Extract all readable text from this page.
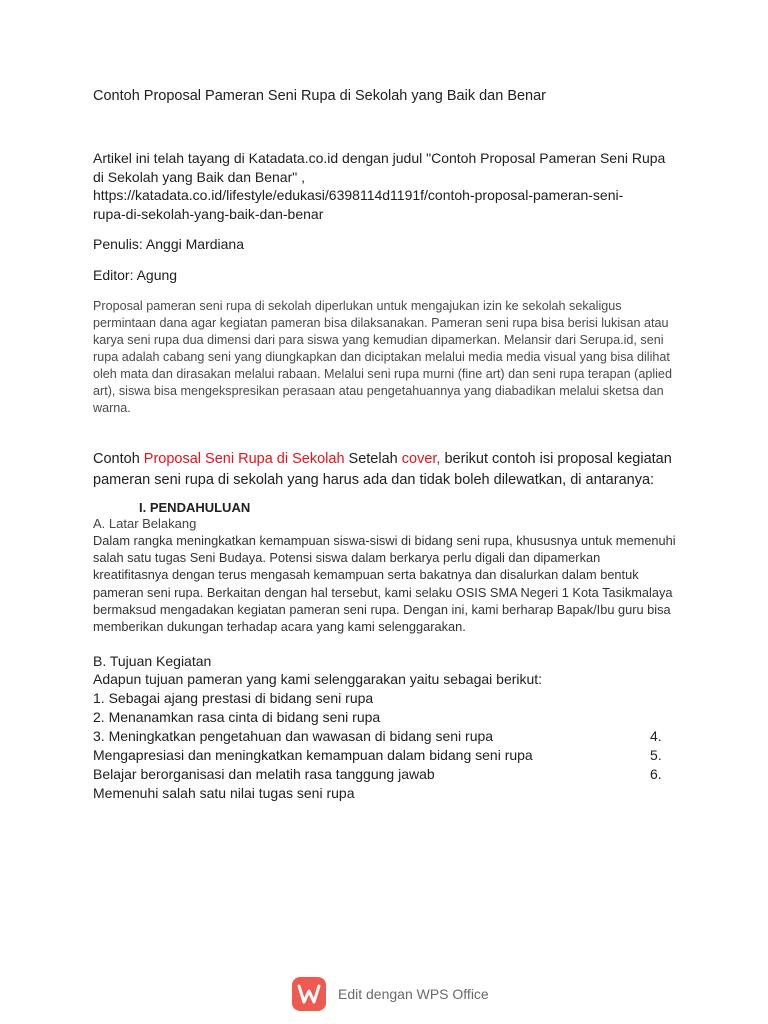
Contoh Proposal Pameran Seni Rupa di Sekolah yang Baik dan Benar

Artikel ini telah tayang di Katadata.co.id dengan judul "Contoh Proposal Pameran Seni Rupa

di Sekolah yang Baik dan Benar" ,

https://katadata.co.id/lifestyle/edukasi/6398114d1191f/contoh-proposal-pameran-seni-

rupa-di-sekolah-yang-baik-dan-benar

Penulis: Anggi Mardiana
Editor: Agung
Proposal pameran seni rupa di sekolah diperlukan untuk mengajukan izin ke sekolah sekaligus permintaan dana agar kegiatan pameran bisa dilaksanakan. Pameran seni rupa bisa berisi lukisan atau karya seni rupa dua dimensi dari para siswa yang kemudian dipamerkan. Melansir dari Serupa.id, seni rupa adalah cabang seni yang diungkapkan dan diciptakan melalui media media visual yang bisa dilihat oleh mata dan dirasakan melalui rabaan. Melalui seni rupa murni (fine art) dan seni rupa terapan (aplied art), siswa bisa mengekspresikan perasaan atau pengetahuannya yang diabadikan melalui sketsa dan warna.
Contoh Proposal Seni Rupa di Sekolah Setelah cover, berikut contoh isi proposal kegiatan pameran seni rupa di sekolah yang harus ada dan tidak boleh dilewatkan, di antaranya:
I. PENDAHULUAN
A. Latar Belakang
Dalam rangka meningkatkan kemampuan siswa-siswi di bidang seni rupa, khususnya untuk memenuhi salah satu tugas Seni Budaya. Potensi siswa dalam berkarya perlu digali dan dipamerkan kreatifitasnya dengan terus mengasah kemampuan serta bakatnya dan disalurkan dalam bentuk pameran seni rupa. Berkaitan dengan hal tersebut, kami selaku OSIS SMA Negeri 1 Kota Tasikmalaya bermaksud mengadakan kegiatan pameran seni rupa. Dengan ini, kami berharap Bapak/Ibu guru bisa memberikan dukungan terhadap acara yang kami selenggarakan.
B. Tujuan Kegiatan
Adapun tujuan pameran yang kami selenggarakan yaitu sebagai berikut:
1. Sebagai ajang prestasi di bidang seni rupa
2. Menanamkan rasa cinta di bidang seni rupa
3. Meningkatkan pengetahuan dan wawasan di bidang seni rupa	4.
Mengapresiasi dan meningkatkan kemampuan dalam bidang seni rupa	5.
Belajar berorganisasi dan melatih rasa tanggung jawab	6.
Memenuhi salah satu nilai tugas seni rupa
Edit dengan WPS Office
